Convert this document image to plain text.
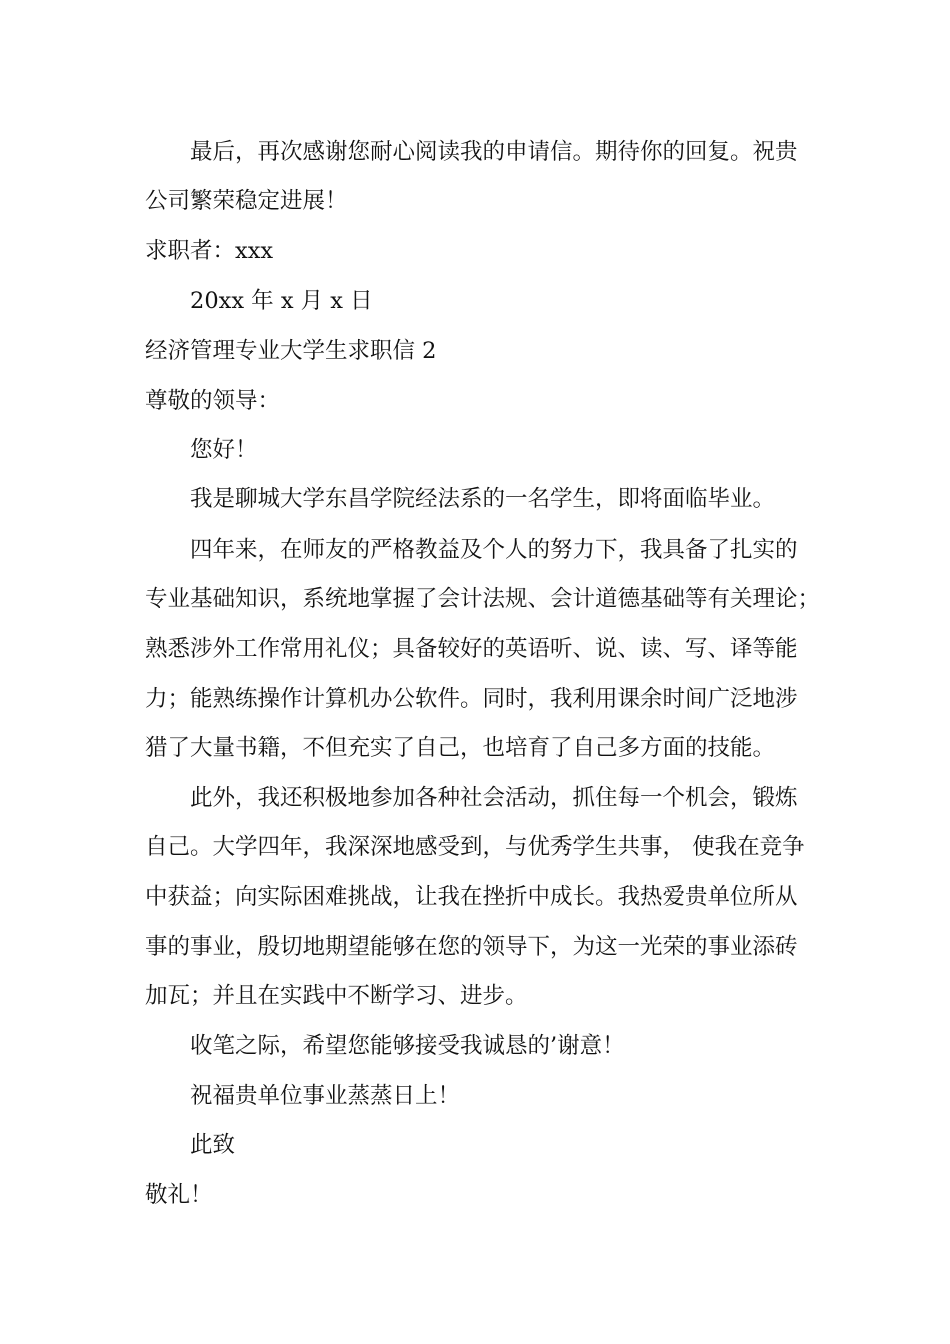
最后，再次感谢您耐心阅读我的申请信。期待你的回复。祝贵

公司繁荣稳定进展！

求职者：xxx

20xx 年 x 月 x 日

经济管理专业大学生求职信 2

尊敬的领导：

您好！

我是聊城大学东昌学院经法系的一名学生，即将面临毕业。

四年来，在师友的严格教益及个人的努力下，我具备了扎实的

专业基础知识，系统地掌握了会计法规、会计道德基础等有关理论；

熟悉涉外工作常用礼仪；具备较好的英语听、说、读、写、译等能

力；能熟练操作计算机办公软件。同时，我利用课余时间广泛地涉

猎了大量书籍，不但充实了自己，也培育了自己多方面的技能。

此外，我还积极地参加各种社会活动，抓住每一个机会，锻炼

自己。大学四年，我深深地感受到，与优秀学生共事， 使我在竞争

中获益；向实际困难挑战，让我在挫折中成长。我热爱贵单位所从

事的事业，殷切地期望能够在您的领导下，为这一光荣的事业添砖

加瓦；并且在实践中不断学习、进步。

收笔之际，希望您能够接受我诚恳的’谢意！

祝福贵单位事业蒸蒸日上！

此致

敬礼！
